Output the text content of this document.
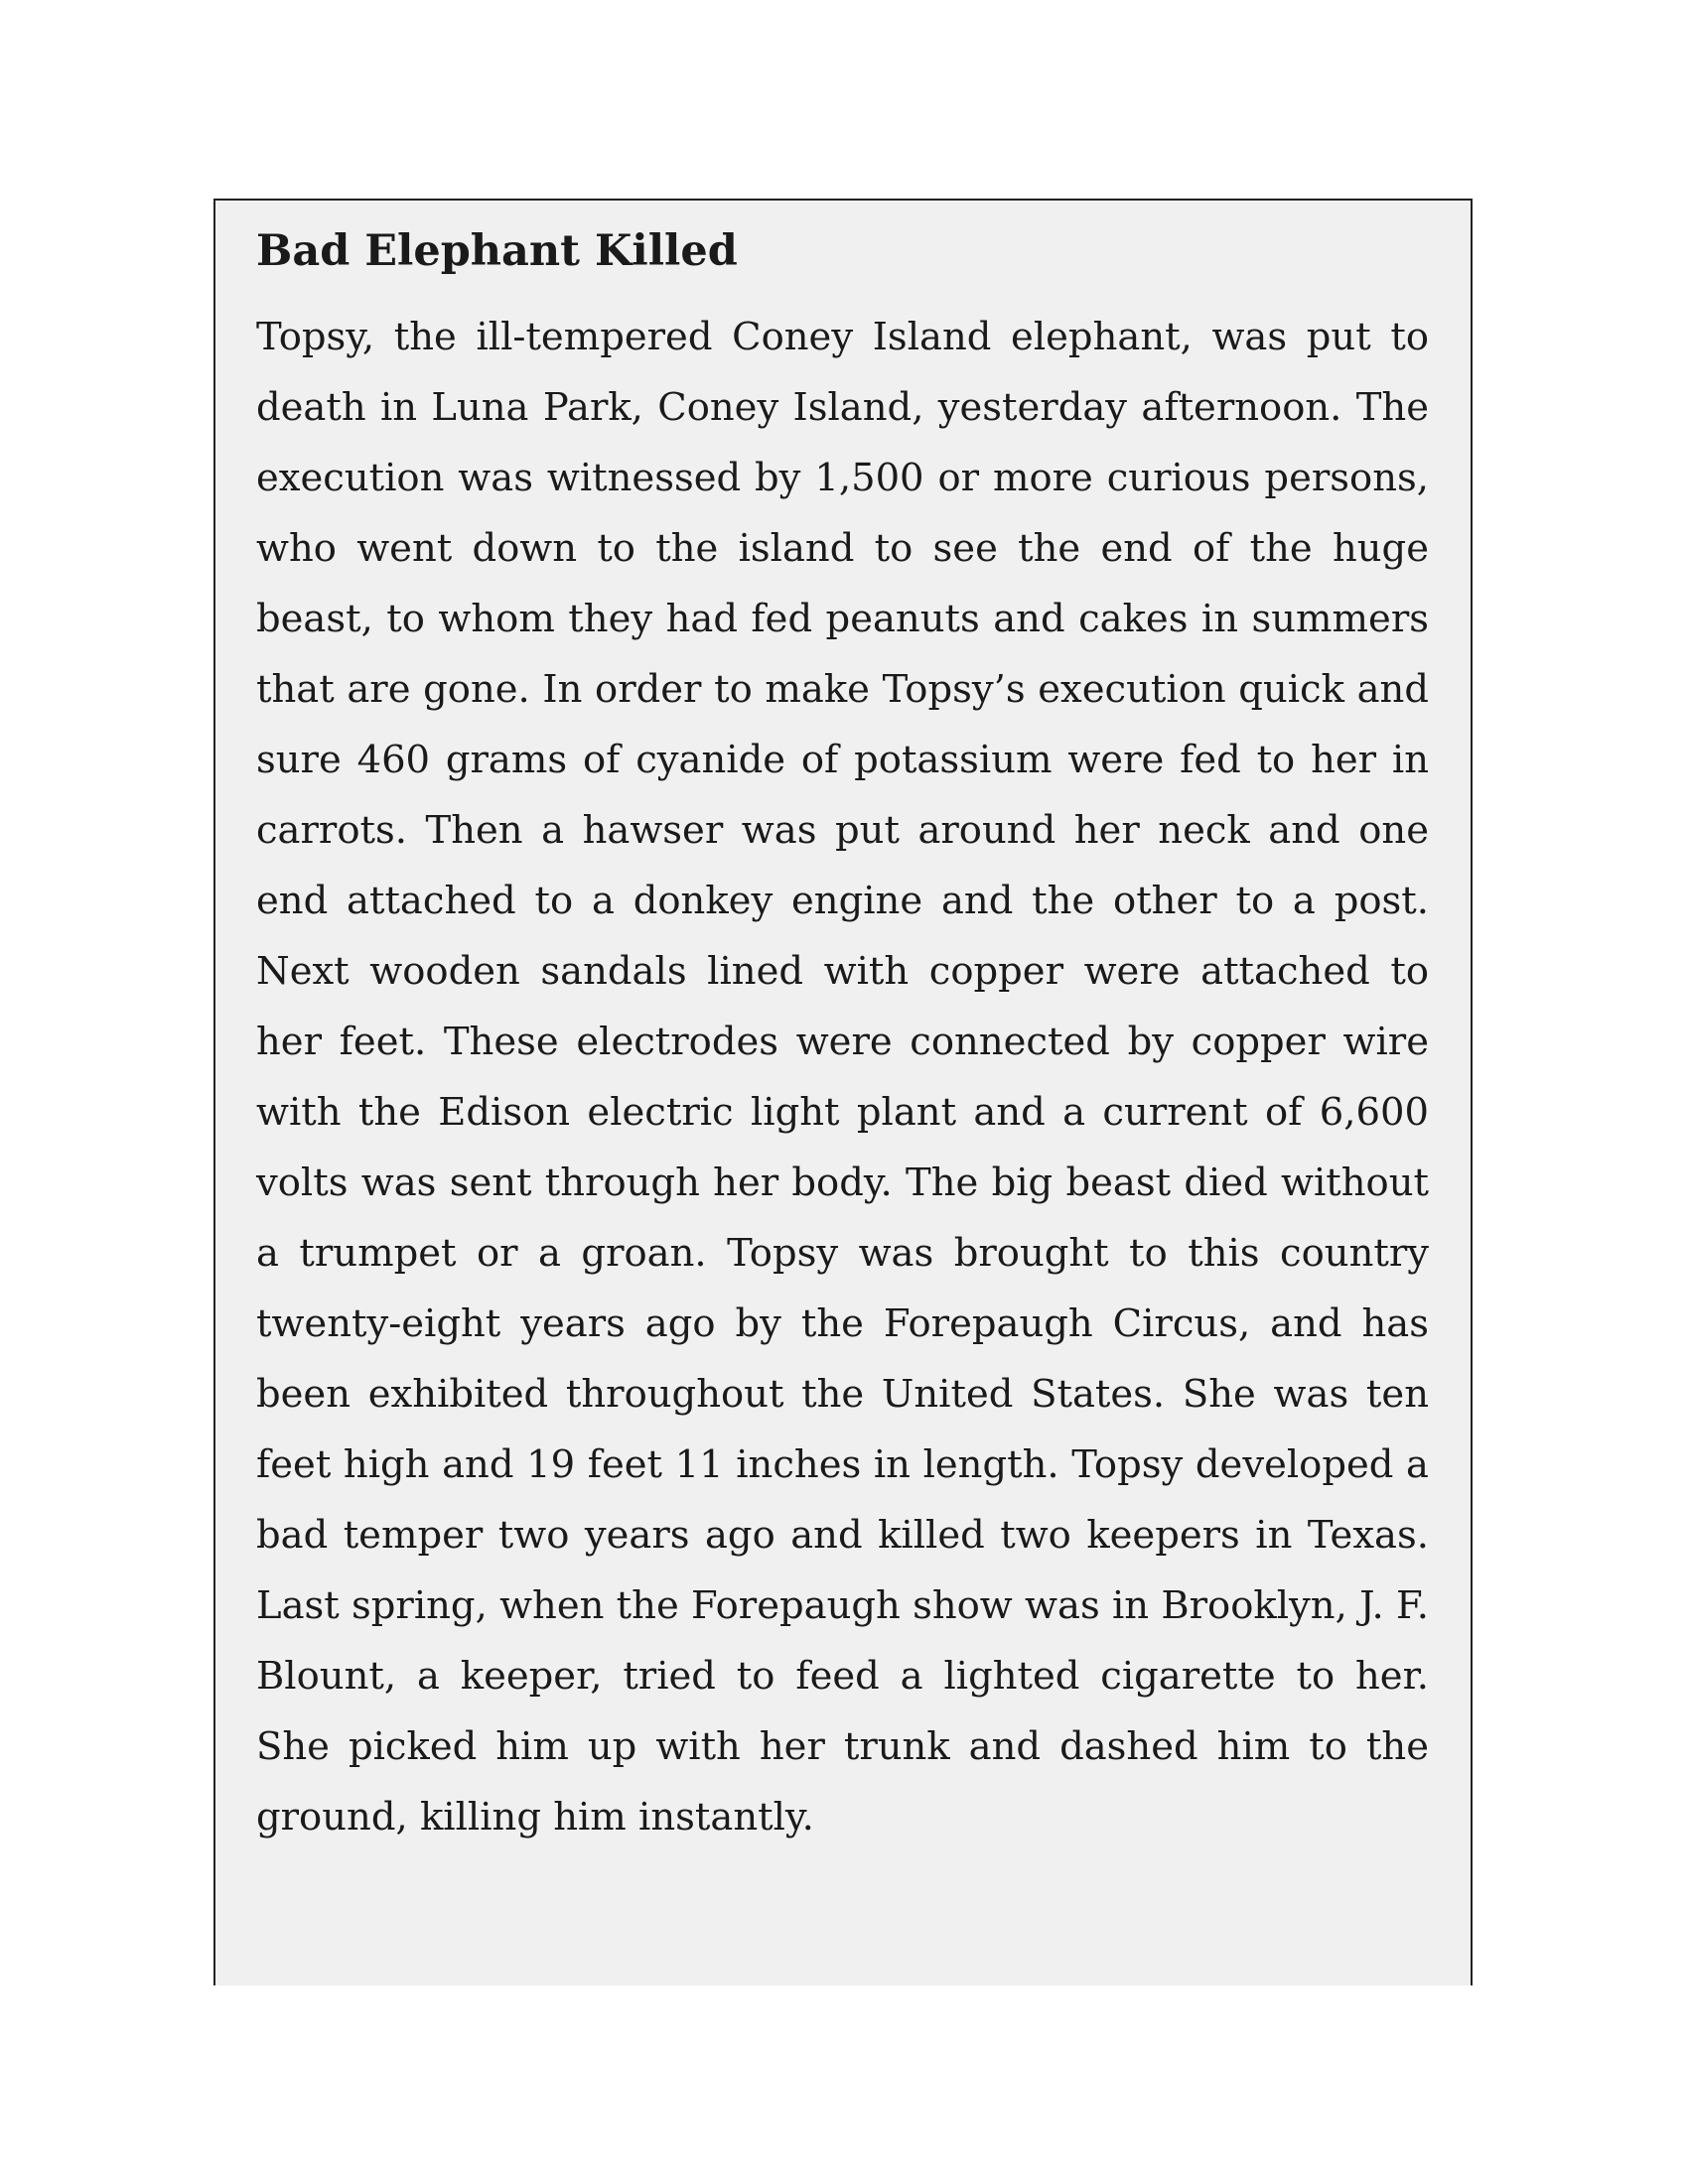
Bad Elephant Killed

Topsy, the ill-tempered Coney Island elephant, was put to death in Luna Park, Coney Island, yesterday afternoon. The execution was witnessed by 1,500 or more curious persons, who went down to the island to see the end of the huge beast, to whom they had fed peanuts and cakes in summers that are gone. In order to make Topsy’s execution quick and sure 460 grams of cyanide of potassium were fed to her in carrots. Then a hawser was put around her neck and one end attached to a donkey engine and the other to a post. Next wooden sandals lined with copper were attached to her feet. These electrodes were connected by copper wire with the Edison electric light plant and a current of 6,600 volts was sent through her body. The big beast died without a trumpet or a groan. Topsy was brought to this country twenty-eight years ago by the Forepaugh Circus, and has been exhibited throughout the United States. She was ten feet high and 19 feet 11 inches in length. Topsy developed a bad temper two years ago and killed two keepers in Texas. Last spring, when the Forepaugh show was in Brooklyn, J. F. Blount, a keeper, tried to feed a lighted cigarette to her. She picked him up with her trunk and dashed him to the ground, killing him instantly.
